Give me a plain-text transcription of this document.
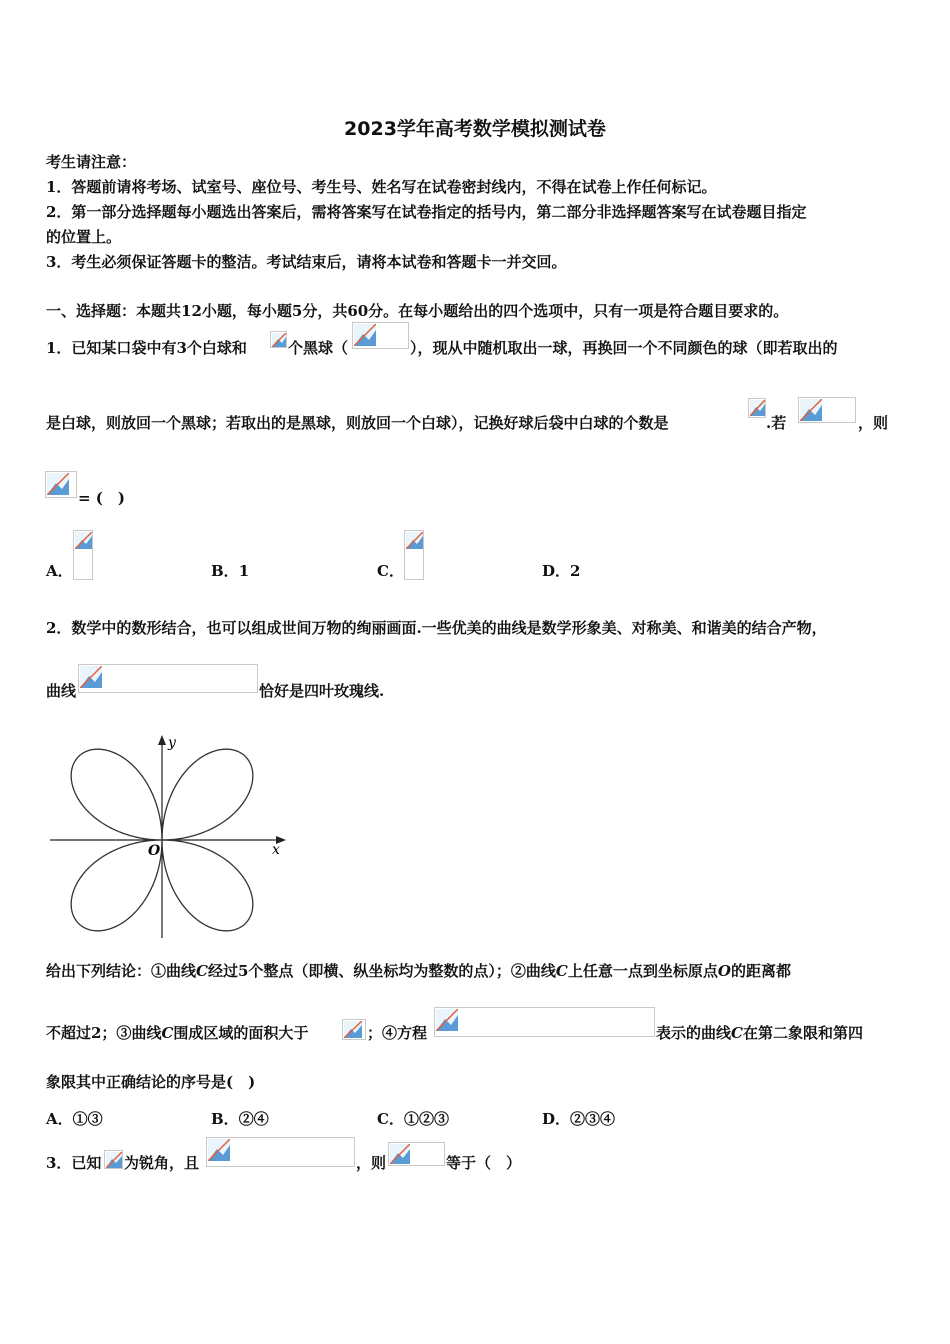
2023学年高考数学模拟测试卷
考生请注意：
1．答题前请将考场、试室号、座位号、考生号、姓名写在试卷密封线内，不得在试卷上作任何标记。
2．第一部分选择题每小题选出答案后，需将答案写在试卷指定的括号内，第二部分非选择题答案写在试卷题目指定
的位置上。
3．考生必须保证答题卡的整洁。考试结束后，请将本试卷和答题卡一并交回。
一、选择题：本题共12小题，每小题5分，共60分。在每小题给出的四个选项中，只有一项是符合题目要求的。
1．已知某口袋中有3个白球和	个黑球（	），现从中随机取出一球，再换回一个不同颜色的球（即若取出的
是白球，则放回一个黑球；若取出的是黑球，则放回一个白球），记换好球后袋中白球的个数是	.若	，则
= (　)
A．	B．1	C．	D．2
2．数学中的数形结合，也可以组成世间万物的绚丽画面.一些优美的曲线是数学形象美、对称美、和谐美的结合产物，
曲线	恰好是四叶玫瑰线.
x
y
O
给出下列结论：①曲线C经过5个整点（即横、纵坐标均为整数的点）；②曲线C上任意一点到坐标原点O的距离都
不超过2；③曲线C围成区域的面积大于	；④方程	表示的曲线C在第二象限和第四
象限其中正确结论的序号是(　)
A．①③	B．②④	C．①②③	D．②③④
3．已知 为锐角，且	，则	等于（　）
